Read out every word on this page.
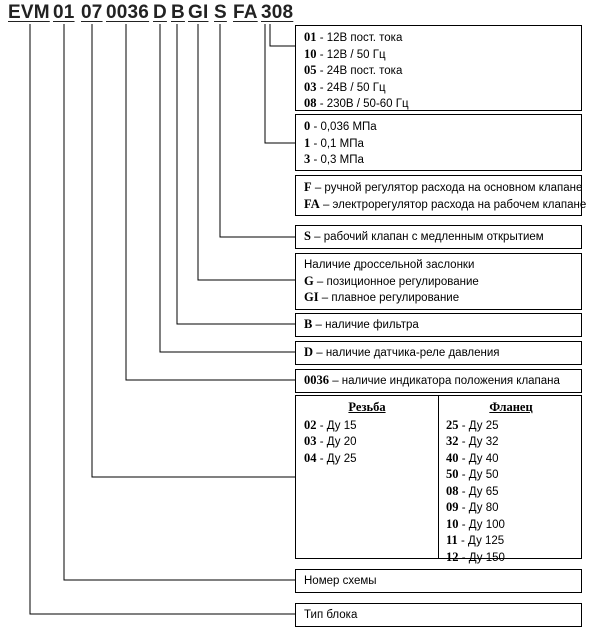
EVM 01 07 0036 D B GI S FA 308
01 - 12В пост. тока
10 - 12В / 50 Гц
05 - 24В пост. тока
03 - 24В / 50 Гц
08 - 230В / 50-60 Гц
0 - 0,036 МПа
1 - 0,1 МПа
3 - 0,3 МПа
F – ручной регулятор расхода на основном клапане
FA – электрорегулятор расхода на рабочем клапане
S – рабочий клапан с медленным открытием
Наличие дроссельной заслонки
G – позиционное регулирование
GI – плавное регулирование
B – наличие фильтра
D – наличие датчика-реле давления
0036 – наличие индикатора положения клапана
Резьба
02 - Ду 15
03 - Ду 20
04 - Ду 25
Фланец
25 - Ду 25
32 - Ду 32
40 - Ду 40
50 - Ду 50
08 - Ду 65
09 - Ду 80
10 - Ду 100
11 - Ду 125
12 - Ду 150
Номер схемы
Тип блока
